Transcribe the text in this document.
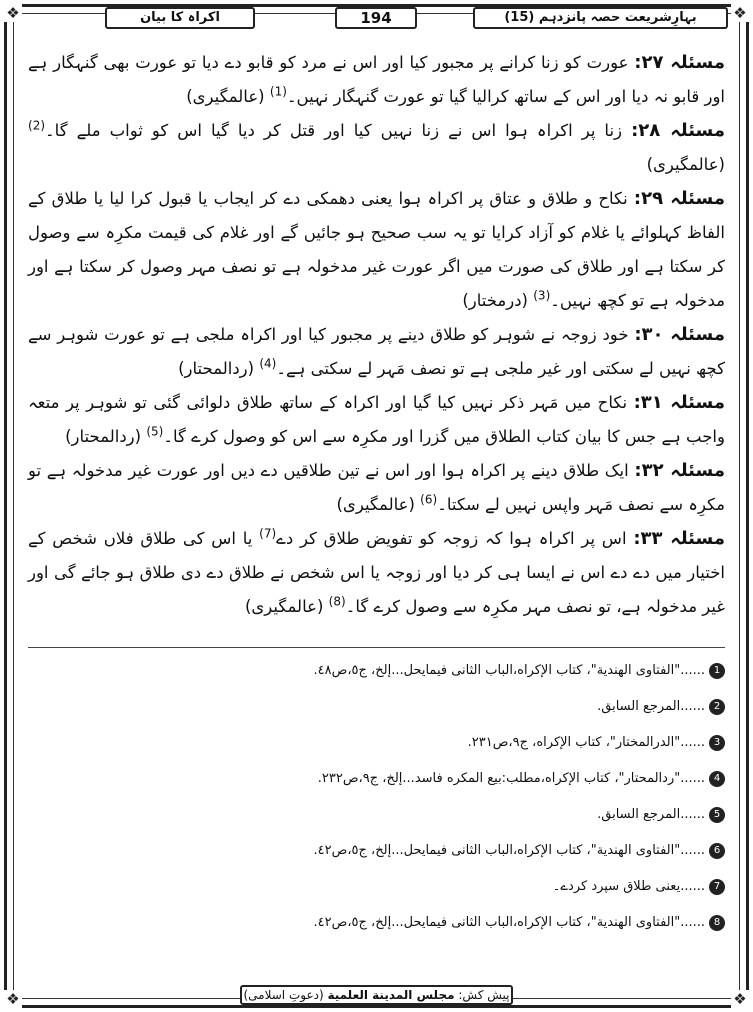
❖	❖
❖	❖
بہارِشریعت حصہ پانزدہم (15)
194
اکراہ کا بیان

مسئلہ ۲۷: عورت کو زنا کرانے پر مجبور کیا اور اس نے مرد کو قابو دے دیا تو عورت بھی گنہگار ہے اور قابو نہ دیا اور اس کے ساتھ کرالیا گیا تو عورت گنہگار نہیں۔$^{(1)}$ (عالمگیری)

مسئلہ ۲۸: زنا پر اکراہ ہوا اس نے زنا نہیں کیا اور قتل کر دیا گیا اس کو ثواب ملے گا۔$^{(2)}$ (عالمگیری)

مسئلہ ۲۹: نکاح و طلاق و عتاق پر اکراہ ہوا یعنی دھمکی دے کر ایجاب یا قبول کرا لیا یا طلاق کے الفاظ کہلوائے یا غلام کو آزاد کرایا تو یہ سب صحیح ہو جائیں گے اور غلام کی قیمت مکرِہ سے وصول کر سکتا ہے اور طلاق کی صورت میں اگر عورت غیر مدخولہ ہے تو نصف مہر وصول کر سکتا ہے اور مدخولہ ہے تو کچھ نہیں۔$^{(3)}$ (درمختار)

مسئلہ ۳۰: خود زوجہ نے شوہر کو طلاق دینے پر مجبور کیا اور اکراہ ملجی ہے تو عورت شوہر سے کچھ نہیں لے سکتی اور غیر ملجی ہے تو نصف مَہر لے سکتی ہے۔$^{(4)}$ (ردالمحتار)

مسئلہ ۳۱: نکاح میں مَہر ذکر نہیں کیا گیا اور اکراہ کے ساتھ طلاق دلوائی گئی تو شوہر پر متعہ واجب ہے جس کا بیان کتاب الطلاق میں گزرا اور مکرِہ سے اس کو وصول کرے گا۔$^{(5)}$ (ردالمحتار)

مسئلہ ۳۲: ایک طلاق دینے پر اکراہ ہوا اور اس نے تین طلاقیں دے دیں اور عورت غیر مدخولہ ہے تو مکرِہ سے نصف مَہر واپس نہیں لے سکتا۔$^{(6)}$ (عالمگیری)

مسئلہ ۳۳: اس پر اکراہ ہوا کہ زوجہ کو تفویض طلاق کر دے$^{(7)}$ یا اس کی طلاق فلاں شخص کے اختیار میں دے دے اس نے ایسا ہی کر دیا اور زوجہ یا اس شخص نے طلاق دے دی طلاق ہو جائے گی اور غیر مدخولہ ہے، تو نصف مہر مکرِہ سے وصول کرے گا۔$^{(8)}$ (عالمگیری)

1......"الفتاوی الهندية"، كتاب الإكراه،الباب الثانی فيمايحل...إلخ، ج٥،ص٤٨.
2......المرجع السابق.
3......"الدرالمختار"، كتاب الإكراه، ج٩،ص٢٣١.
4......"ردالمحتار"، كتاب الإكراه،مطلب:بيع المكره فاسد...إلخ، ج٩،ص٢٣٢.
5......المرجع السابق.
6......"الفتاوی الهندية"، كتاب الإكراه،الباب الثانی فيمايحل...إلخ، ج٥،ص٤٢.
7......یعنی طلاق سپرد کردے۔
8......"الفتاوی الهندية"، كتاب الإكراه،الباب الثانی فيمايحل...إلخ، ج٥،ص٤٢.
پیش کش: مجلس المدينة العلمية (دعوتِ اسلامی)
